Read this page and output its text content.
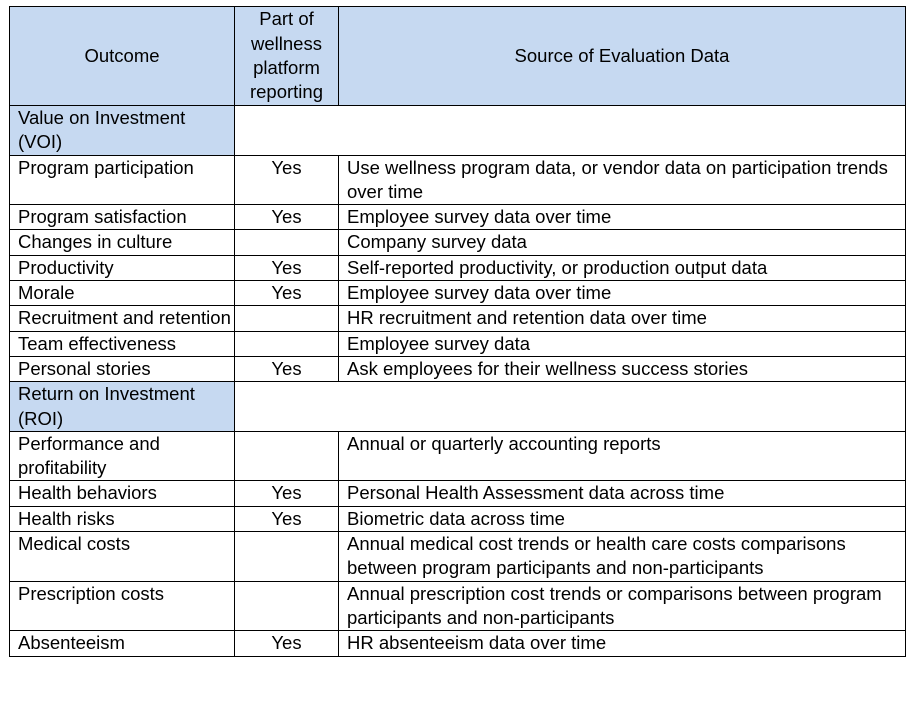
Outcome	Part of wellness platform reporting	Source of Evaluation Data
Value on Investment (VOI)		
Program participation	Yes	Use wellness program data, or vendor data on participation trends over time
Program satisfaction	Yes	Employee survey data over time
Changes in culture		Company survey data
Productivity	Yes	Self-reported productivity, or production output data
Morale	Yes	Employee survey data over time
Recruitment and retention		HR recruitment and retention data over time
Team effectiveness		Employee survey data
Personal stories	Yes	Ask employees for their wellness success stories
Return on Investment (ROI)		
Performance and profitability		Annual or quarterly accounting reports
Health behaviors	Yes	Personal Health Assessment data across time
Health risks	Yes	Biometric data across time
Medical costs		Annual medical cost trends or health care costs comparisons between program participants and non-participants
Prescription costs		Annual prescription cost trends or comparisons between program participants and non-participants
Absenteeism	Yes	HR absenteeism data over time
